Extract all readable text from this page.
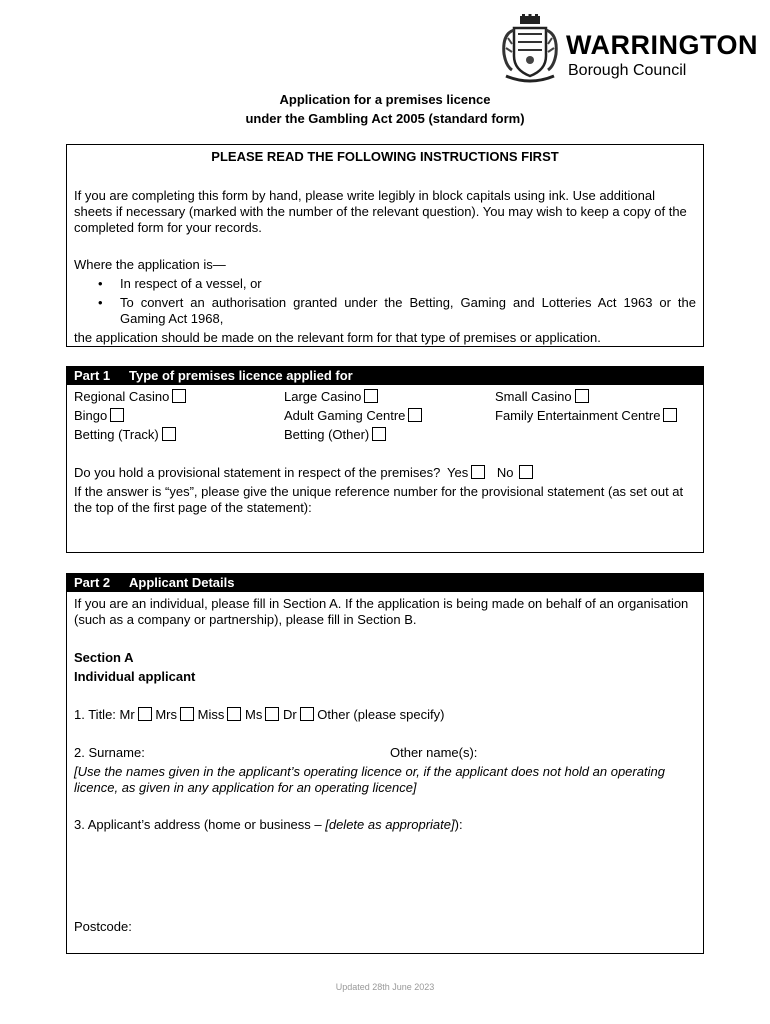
WARRINGTON
Borough Council
Application for a premises licence
under the Gambling Act 2005 (standard form)
PLEASE READ THE FOLLOWING INSTRUCTIONS FIRST
If you are completing this form by hand, please write legibly in block capitals using ink. Use additional sheets if necessary (marked with the number of the relevant question). You may wish to keep a copy of the completed form for your records.
Where the application is—
• In respect of a vessel, or
• To convert an authorisation granted under the Betting, Gaming and Lotteries Act 1963 or the Gaming Act 1968,
the application should be made on the relevant form for that type of premises or application.
Part 1 Type of premises licence applied for
Regional Casino	Large Casino	Small Casino
Bingo	Adult Gaming Centre	Family Entertainment Centre
Betting (Track)	Betting (Other)
Do you hold a provisional statement in respect of the premises? Yes No
If the answer is “yes”, please give the unique reference number for the provisional statement (as set out at the top of the first page of the statement):
Part 2 Applicant Details
If you are an individual, please fill in Section A. If the application is being made on behalf of an organisation (such as a company or partnership), please fill in Section B.
Section A
Individual applicant
1. Title: Mr Mrs Miss Ms Dr Other (please specify)
2. Surname:	Other name(s):
[Use the names given in the applicant’s operating licence or, if the applicant does not hold an operating licence, as given in any application for an operating licence]
3. Applicant’s address (home or business – [delete as appropriate]):
Postcode:
Updated 28th June 2023
